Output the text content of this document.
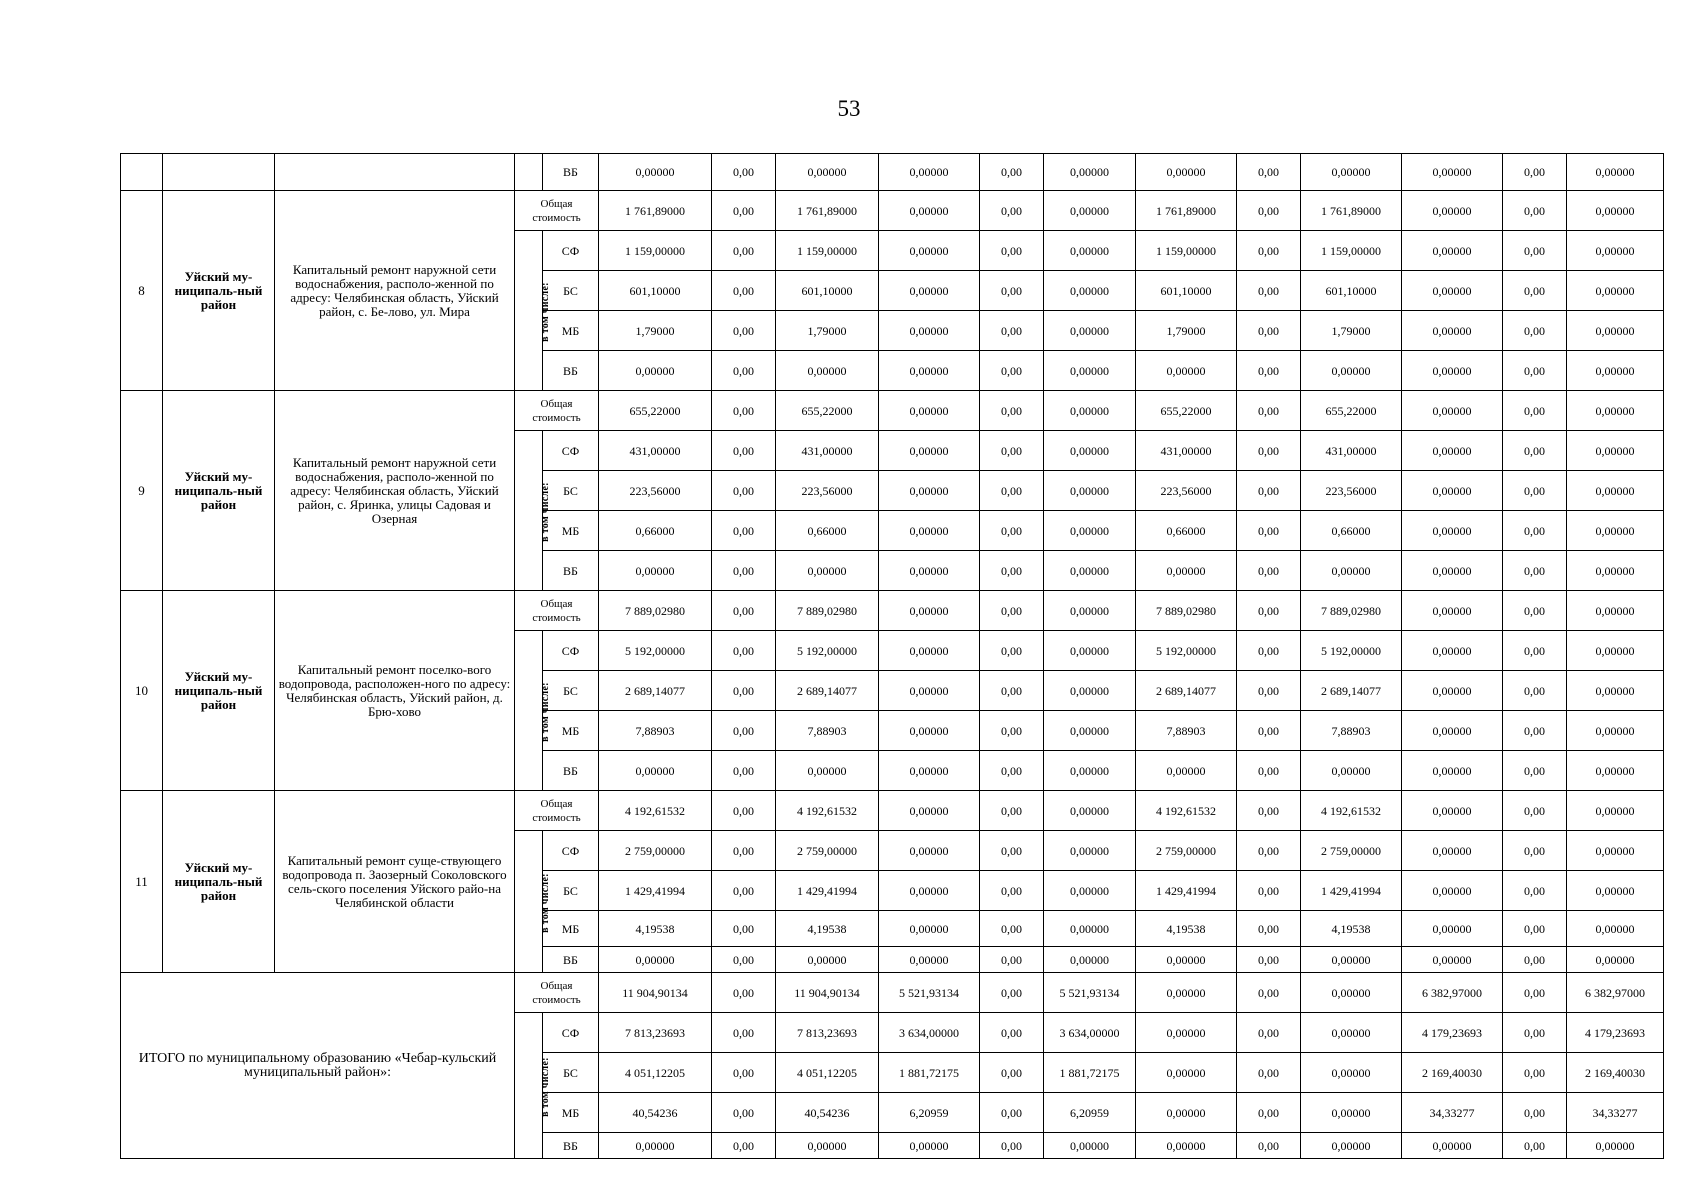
53
				ВБ	0,00000	0,00	0,00000	0,00000	0,00	0,00000	0,00000	0,00	0,00000	0,00000	0,00	0,00000
8	Уйский му-ниципаль-ный район	Капитальный ремонт наружной сети водоснабжения, располо-женной по адресу: Челябинская область, Уйский район, с. Бе-лово, ул. Мира	Общая стоимость		1 761,89000	0,00	1 761,89000	0,00000	0,00	0,00000	1 761,89000	0,00	1 761,89000	0,00000	0,00	0,00000
			в том числе:	СФ	1 159,00000	0,00	1 159,00000	0,00000	0,00	0,00000	1 159,00000	0,00	1 159,00000	0,00000	0,00	0,00000
				БС	601,10000	0,00	601,10000	0,00000	0,00	0,00000	601,10000	0,00	601,10000	0,00000	0,00	0,00000
				МБ	1,79000	0,00	1,79000	0,00000	0,00	0,00000	1,79000	0,00	1,79000	0,00000	0,00	0,00000
				ВБ	0,00000	0,00	0,00000	0,00000	0,00	0,00000	0,00000	0,00	0,00000	0,00000	0,00	0,00000
9	Уйский му-ниципаль-ный район	Капитальный ремонт наружной сети водоснабжения, располо-женной по адресу: Челябинская область, Уйский район, с. Яринка, улицы Садовая и Озерная	Общая стоимость		655,22000	0,00	655,22000	0,00000	0,00	0,00000	655,22000	0,00	655,22000	0,00000	0,00	0,00000
			в том числе:	СФ	431,00000	0,00	431,00000	0,00000	0,00	0,00000	431,00000	0,00	431,00000	0,00000	0,00	0,00000
				БС	223,56000	0,00	223,56000	0,00000	0,00	0,00000	223,56000	0,00	223,56000	0,00000	0,00	0,00000
				МБ	0,66000	0,00	0,66000	0,00000	0,00	0,00000	0,66000	0,00	0,66000	0,00000	0,00	0,00000
				ВБ	0,00000	0,00	0,00000	0,00000	0,00	0,00000	0,00000	0,00	0,00000	0,00000	0,00	0,00000
10	Уйский му-ниципаль-ный район	Капитальный ремонт поселко-вого водопровода, расположен-ного по адресу: Челябинская область, Уйский район, д. Брю-хово	Общая стоимость		7 889,02980	0,00	7 889,02980	0,00000	0,00	0,00000	7 889,02980	0,00	7 889,02980	0,00000	0,00	0,00000
			в том числе:	СФ	5 192,00000	0,00	5 192,00000	0,00000	0,00	0,00000	5 192,00000	0,00	5 192,00000	0,00000	0,00	0,00000
				БС	2 689,14077	0,00	2 689,14077	0,00000	0,00	0,00000	2 689,14077	0,00	2 689,14077	0,00000	0,00	0,00000
				МБ	7,88903	0,00	7,88903	0,00000	0,00	0,00000	7,88903	0,00	7,88903	0,00000	0,00	0,00000
				ВБ	0,00000	0,00	0,00000	0,00000	0,00	0,00000	0,00000	0,00	0,00000	0,00000	0,00	0,00000
11	Уйский му-ниципаль-ный район	Капитальный ремонт суще-ствующего водопровода п. Заозерный Соколовского сель-ского поселения Уйского райо-на Челябинской области	Общая стоимость		4 192,61532	0,00	4 192,61532	0,00000	0,00	0,00000	4 192,61532	0,00	4 192,61532	0,00000	0,00	0,00000
			в том числе:	СФ	2 759,00000	0,00	2 759,00000	0,00000	0,00	0,00000	2 759,00000	0,00	2 759,00000	0,00000	0,00	0,00000
				БС	1 429,41994	0,00	1 429,41994	0,00000	0,00	0,00000	1 429,41994	0,00	1 429,41994	0,00000	0,00	0,00000
				МБ	4,19538	0,00	4,19538	0,00000	0,00	0,00000	4,19538	0,00	4,19538	0,00000	0,00	0,00000
				ВБ	0,00000	0,00	0,00000	0,00000	0,00	0,00000	0,00000	0,00	0,00000	0,00000	0,00	0,00000
ИТОГО по муниципальному образованию «Чебар-кульский муниципальный район»:			Общая стоимость		11 904,90134	0,00	11 904,90134	5 521,93134	0,00	5 521,93134	0,00000	0,00	0,00000	6 382,97000	0,00	6 382,97000
			в том числе:	СФ	7 813,23693	0,00	7 813,23693	3 634,00000	0,00	3 634,00000	0,00000	0,00	0,00000	4 179,23693	0,00	4 179,23693
				БС	4 051,12205	0,00	4 051,12205	1 881,72175	0,00	1 881,72175	0,00000	0,00	0,00000	2 169,40030	0,00	2 169,40030
				МБ	40,54236	0,00	40,54236	6,20959	0,00	6,20959	0,00000	0,00	0,00000	34,33277	0,00	34,33277
				ВБ	0,00000	0,00	0,00000	0,00000	0,00	0,00000	0,00000	0,00	0,00000	0,00000	0,00	0,00000
